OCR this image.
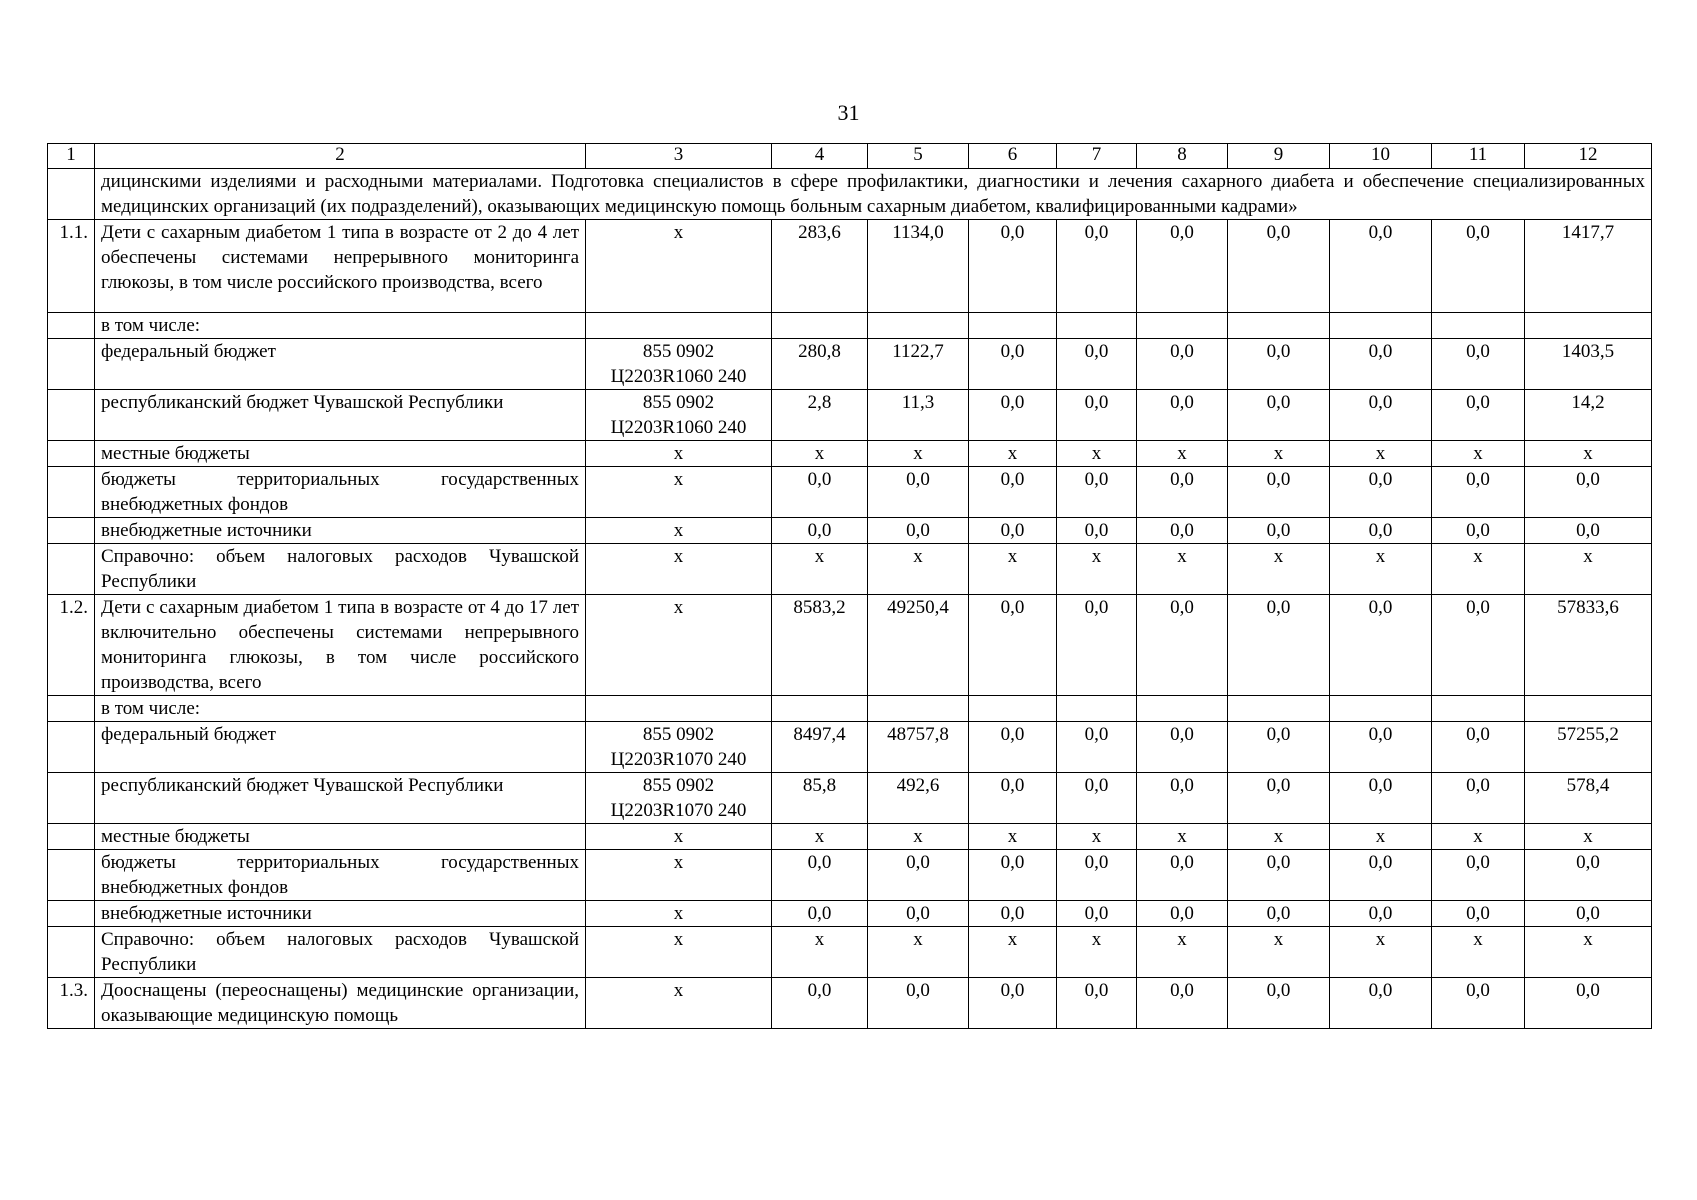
31
1	2	3	4	5	6	7	8	9	10	11	12
	дицинскими изделиями и расходными материалами. Подготовка специалистов в сфере профилактики, диагностики и лечения сахарного диабета и обеспечение специализированных медицинских организаций (их подразделений), оказывающих медицинскую помощь больным сахарным диабетом, квалифицированными кадрами»										
1.1.	Дети с сахарным диабетом 1 типа в возрасте от 2 до 4 лет обеспечены системами непрерывного мониторинга глюкозы, в том числе российского производства, всего	х	283,6	1134,0	0,0	0,0	0,0	0,0	0,0	0,0	1417,7
	в том числе:										
	федеральный бюджет	855 0902 Ц2203R1060 240	280,8	1122,7	0,0	0,0	0,0	0,0	0,0	0,0	1403,5
	республиканский бюджет Чувашской Республики	855 0902 Ц2203R1060 240	2,8	11,3	0,0	0,0	0,0	0,0	0,0	0,0	14,2
	местные бюджеты	х	х	х	х	х	х	х	х	х	х
	бюджеты территориальных государственных внебюджетных фондов	х	0,0	0,0	0,0	0,0	0,0	0,0	0,0	0,0	0,0
	внебюджетные источники	х	0,0	0,0	0,0	0,0	0,0	0,0	0,0	0,0	0,0
	Справочно: объем налоговых расходов Чувашской Республики	х	х	х	х	х	х	х	х	х	х
1.2.	Дети с сахарным диабетом 1 типа в возрасте от 4 до 17 лет включительно обеспечены системами непрерывного мониторинга глюкозы, в том числе российского производства, всего	х	8583,2	49250,4	0,0	0,0	0,0	0,0	0,0	0,0	57833,6
	в том числе:										
	федеральный бюджет	855 0902 Ц2203R1070 240	8497,4	48757,8	0,0	0,0	0,0	0,0	0,0	0,0	57255,2
	республиканский бюджет Чувашской Республики	855 0902 Ц2203R1070 240	85,8	492,6	0,0	0,0	0,0	0,0	0,0	0,0	578,4
	местные бюджеты	х	х	х	х	х	х	х	х	х	х
	бюджеты территориальных государственных внебюджетных фондов	х	0,0	0,0	0,0	0,0	0,0	0,0	0,0	0,0	0,0
	внебюджетные источники	х	0,0	0,0	0,0	0,0	0,0	0,0	0,0	0,0	0,0
	Справочно: объем налоговых расходов Чувашской Республики	х	х	х	х	х	х	х	х	х	х
1.3.	Дооснащены (переоснащены) медицинские организации, оказывающие медицинскую помощь	х	0,0	0,0	0,0	0,0	0,0	0,0	0,0	0,0	0,0
